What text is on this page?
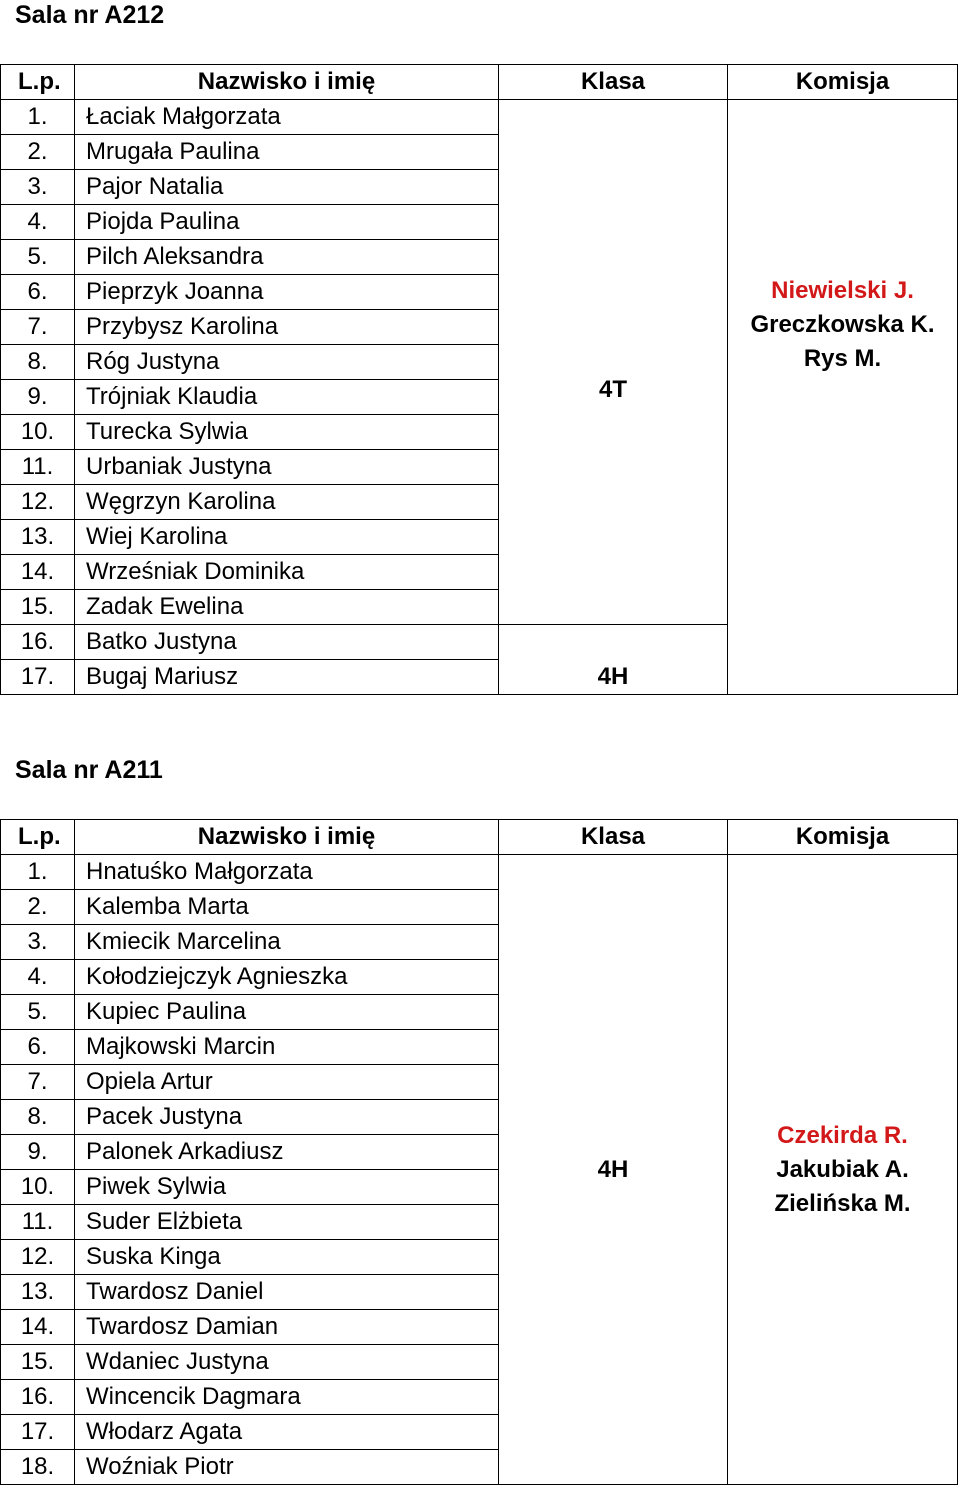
Sala nr A212
L.p.	Nazwisko i imię	Klasa	Komisja
1.	Łaciak Małgorzata	4T	Niewielski J.
Greczkowska K.
Rys M.

2.	Mrugała Paulina		
3.	Pajor Natalia		
4.	Piojda Paulina		
5.	Pilch Aleksandra		
6.	Pieprzyk Joanna		
7.	Przybysz Karolina		
8.	Róg Justyna		
9.	Trójniak Klaudia		
10.	Turecka Sylwia		
11.	Urbaniak Justyna		
12.	Węgrzyn Karolina		
13.	Wiej Karolina		
14.	Wrześniak Dominika		
15.	Zadak Ewelina		
16.	Batko Justyna	4H	
17.	Bugaj Mariusz		
Sala nr A211
L.p.	Nazwisko i imię	Klasa	Komisja
1.	Hnatuśko Małgorzata	4H	Czekirda R.
Jakubiak A.
Zielińska M.

2.	Kalemba Marta		
3.	Kmiecik Marcelina		
4.	Kołodziejczyk Agnieszka		
5.	Kupiec Paulina		
6.	Majkowski Marcin		
7.	Opiela Artur		
8.	Pacek Justyna		
9.	Palonek Arkadiusz		
10.	Piwek Sylwia		
11.	Suder Elżbieta		
12.	Suska Kinga		
13.	Twardosz Daniel		
14.	Twardosz Damian		
15.	Wdaniec Justyna		
16.	Wincencik Dagmara		
17.	Włodarz Agata		
18.	Woźniak Piotr		
